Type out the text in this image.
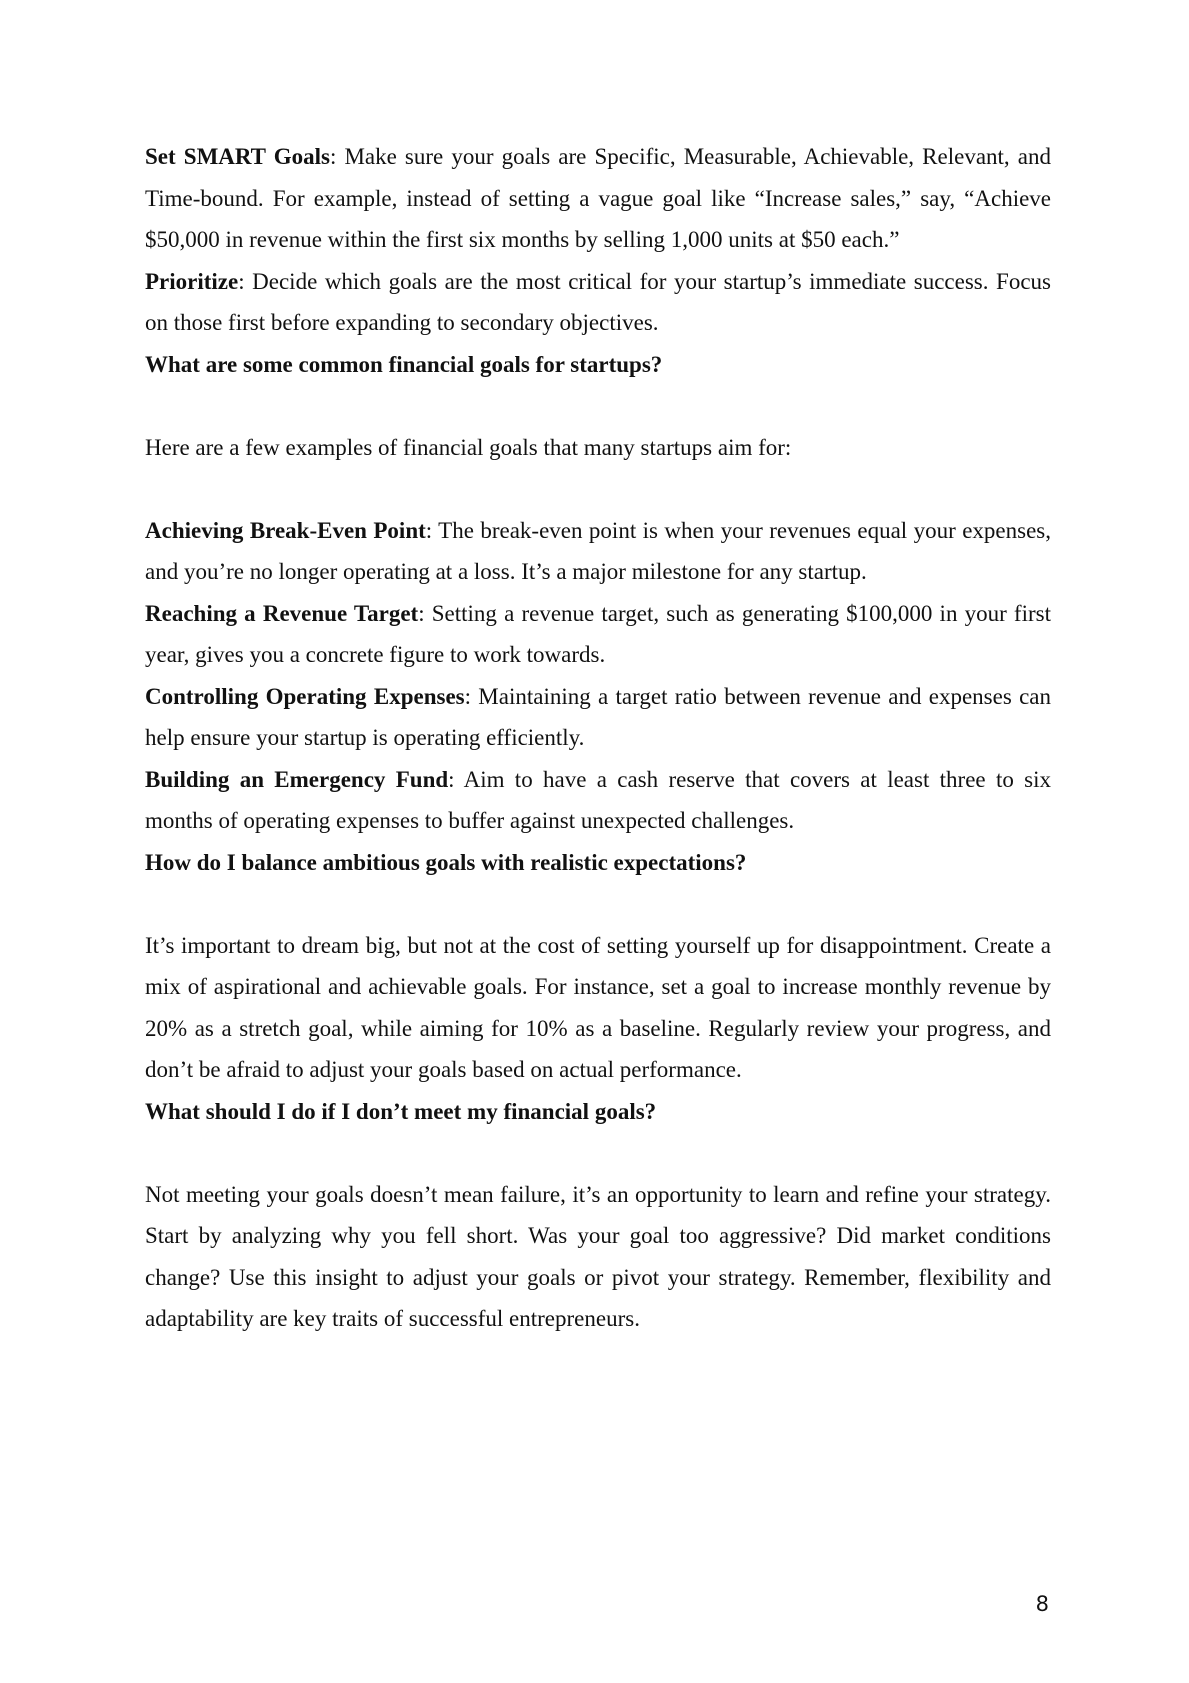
Set SMART Goals: Make sure your goals are Specific, Measurable, Achievable, Relevant, and Time-bound. For example, instead of setting a vague goal like “Increase sales,” say, “Achieve $50,000 in revenue within the first six months by selling 1,000 units at $50 each.”

Prioritize: Decide which goals are the most critical for your startup’s immediate success. Focus on those first before expanding to secondary objectives.

What are some common financial goals for startups?

Here are a few examples of financial goals that many startups aim for:

Achieving Break-Even Point: The break-even point is when your revenues equal your expenses, and you’re no longer operating at a loss. It’s a major milestone for any startup.

Reaching a Revenue Target: Setting a revenue target, such as generating $100,000 in your first year, gives you a concrete figure to work towards.

Controlling Operating Expenses: Maintaining a target ratio between revenue and expenses can help ensure your startup is operating efficiently.

Building an Emergency Fund: Aim to have a cash reserve that covers at least three to six months of operating expenses to buffer against unexpected challenges.

How do I balance ambitious goals with realistic expectations?

It’s important to dream big, but not at the cost of setting yourself up for disappointment. Create a mix of aspirational and achievable goals. For instance, set a goal to increase monthly revenue by 20% as a stretch goal, while aiming for 10% as a baseline. Regularly review your progress, and don’t be afraid to adjust your goals based on actual performance.

What should I do if I don’t meet my financial goals?

Not meeting your goals doesn’t mean failure, it’s an opportunity to learn and refine your strategy. Start by analyzing why you fell short. Was your goal too aggressive? Did market conditions change? Use this insight to adjust your goals or pivot your strategy. Remember, flexibility and adaptability are key traits of successful entrepreneurs.

8
